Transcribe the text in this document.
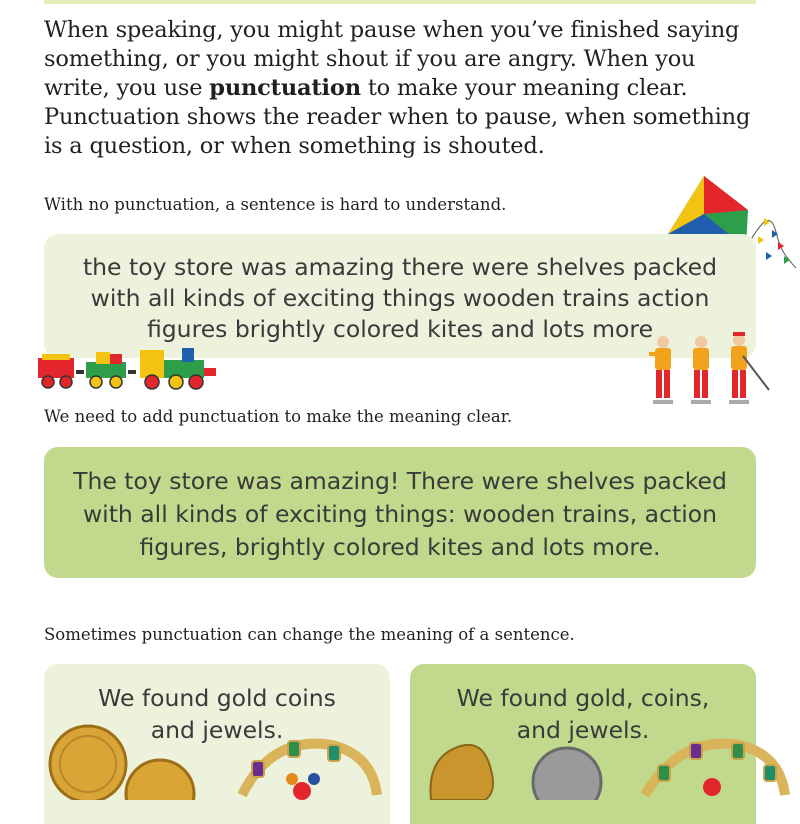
When speaking, you might pause when you’ve finished saying something, or you might shout if you are angry. When you write, you use punctuation to make your meaning clear. Punctuation shows the reader when to pause, when something is a question, or when something is shouted.
With no punctuation, a sentence is hard to understand.
the toy store was amazing there were shelves packed with all kinds of exciting things wooden trains action figures brightly colored kites and lots more
We need to add punctuation to make the meaning clear.
The toy store was amazing! There were shelves packed with all kinds of exciting things: wooden trains, action figures, brightly colored kites and lots more.
Sometimes punctuation can change the meaning of a sentence.
We found gold coins and jewels.
We found gold, coins, and jewels.
